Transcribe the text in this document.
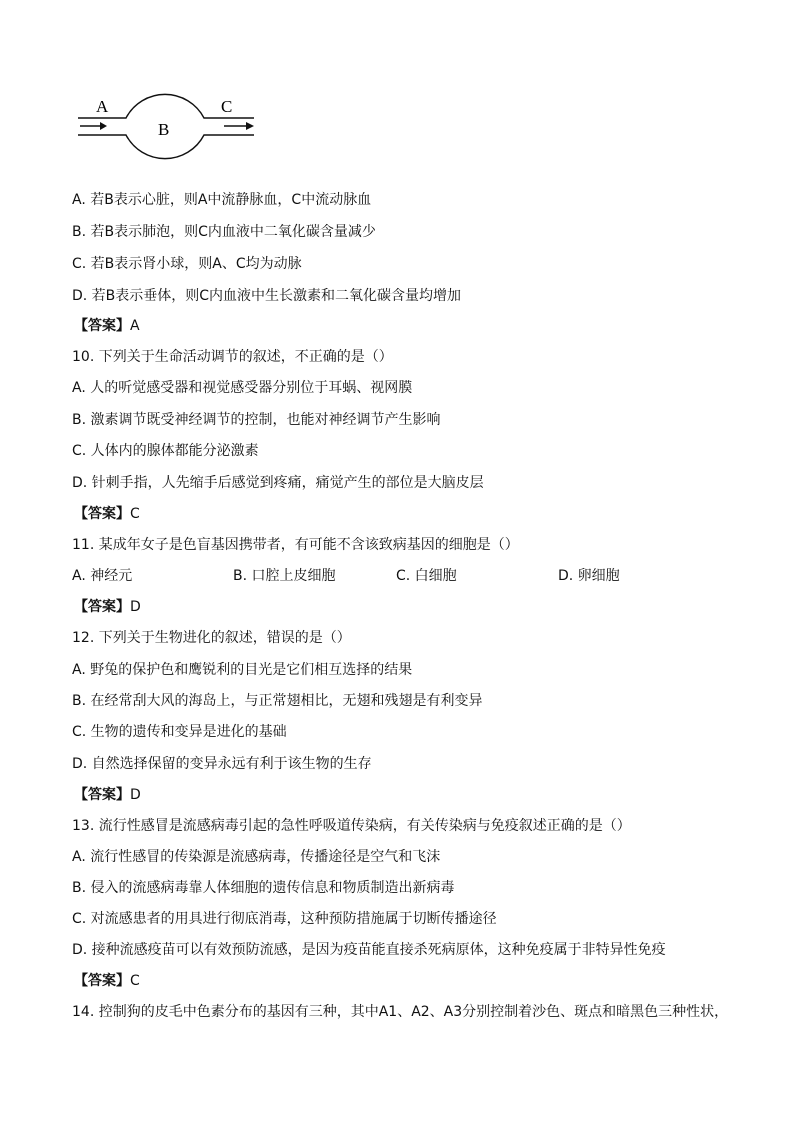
A
B
C
A. 若B表示心脏，则A中流静脉血，C中流动脉血
B. 若B表示肺泡，则C内血液中二氧化碳含量减少
C. 若B表示肾小球，则A、C均为动脉
D. 若B表示垂体，则C内血液中生长激素和二氧化碳含量均增加
【答案】A
10. 下列关于生命活动调节的叙述，不正确的是（）
A. 人的听觉感受器和视觉感受器分别位于耳蜗、视网膜
B. 激素调节既受神经调节的控制，也能对神经调节产生影响
C. 人体内的腺体都能分泌激素
D. 针刺手指，人先缩手后感觉到疼痛，痛觉产生的部位是大脑皮层
【答案】C
11. 某成年女子是色盲基因携带者，有可能不含该致病基因的细胞是（）
A. 神经元	B. 口腔上皮细胞	C. 白细胞	D. 卵细胞
【答案】D
12. 下列关于生物进化的叙述，错误的是（）
A. 野兔的保护色和鹰锐利的目光是它们相互选择的结果
B. 在经常刮大风的海岛上，与正常翅相比，无翅和残翅是有利变异
C. 生物的遗传和变异是进化的基础
D. 自然选择保留的变异永远有利于该生物的生存
【答案】D
13. 流行性感冒是流感病毒引起的急性呼吸道传染病，有关传染病与免疫叙述正确的是（）
A. 流行性感冒的传染源是流感病毒，传播途径是空气和飞沫
B. 侵入的流感病毒靠人体细胞的遗传信息和物质制造出新病毒
C. 对流感患者的用具进行彻底消毒，这种预防措施属于切断传播途径
D. 接种流感疫苗可以有效预防流感，是因为疫苗能直接杀死病原体，这种免疫属于非特异性免疫
【答案】C
14. 控制狗的皮毛中色素分布的基因有三种，其中A1、A2、A3分别控制着沙色、斑点和暗黑色三种性状，
